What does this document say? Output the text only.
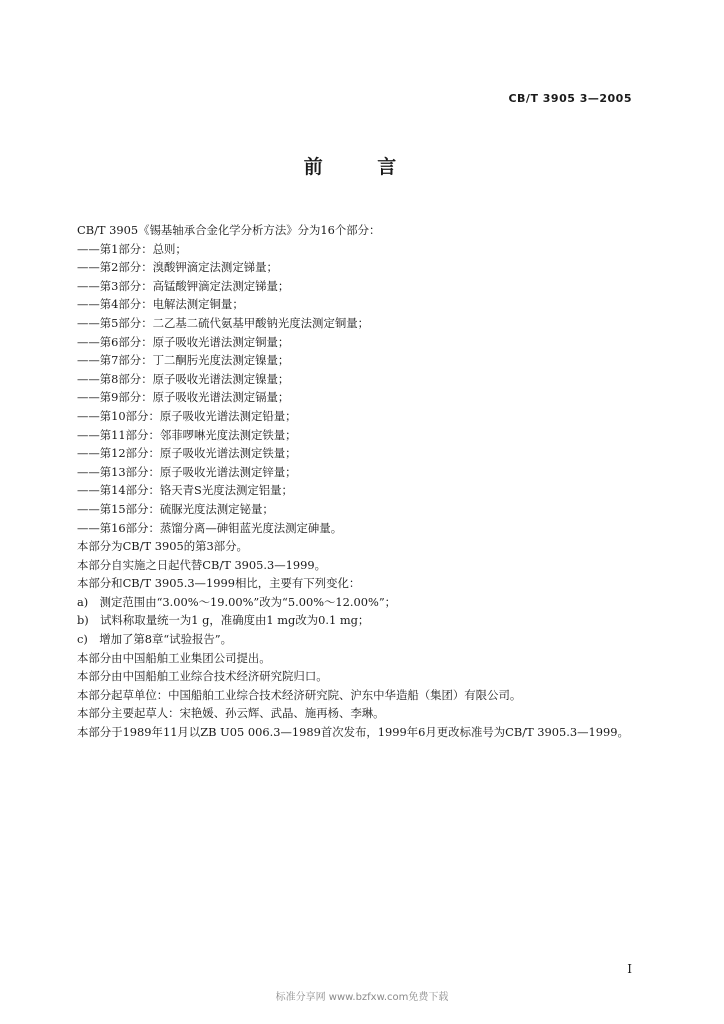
CB/T 3905 3—2005
前 言
CB/T 3905《锡基轴承合金化学分析方法》分为16个部分：
——第1部分：总则；
——第2部分：溴酸钾滴定法测定锑量；
——第3部分：高锰酸钾滴定法测定锑量；
——第4部分：电解法测定铜量；
——第5部分：二乙基二硫代氨基甲酸钠光度法测定铜量；
——第6部分：原子吸收光谱法测定铜量；
——第7部分：丁二酮肟光度法测定镍量；
——第8部分：原子吸收光谱法测定镍量；
——第9部分：原子吸收光谱法测定镉量；
——第10部分：原子吸收光谱法测定铅量；
——第11部分：邻菲啰啉光度法测定铁量；
——第12部分：原子吸收光谱法测定铁量；
——第13部分：原子吸收光谱法测定锌量；
——第14部分：铬天青S光度法测定铝量；
——第15部分：硫脲光度法测定铋量；
——第16部分：蒸馏分离—砷钼蓝光度法测定砷量。
本部分为CB/T 3905的第3部分。
本部分自实施之日起代替CB/T 3905.3—1999。
本部分和CB/T 3905.3—1999相比，主要有下列变化：
a)　测定范围由“3.00%～19.00%”改为“5.00%～12.00%”；
b)　试料称取量统一为1 g，准确度由1 mg改为0.1 mg；
c)　增加了第8章“试验报告”。
本部分由中国船舶工业集团公司提出。
本部分由中国船舶工业综合技术经济研究院归口。
本部分起草单位：中国船舶工业综合技术经济研究院、沪东中华造船（集团）有限公司。
本部分主要起草人：宋艳媛、孙云辉、武晶、施再杨、李琳。
本部分于1989年11月以ZB U05 006.3—1989首次发布，1999年6月更改标准号为CB/T 3905.3—1999。
I
标准分享网 www.bzfxw.com免费下载
